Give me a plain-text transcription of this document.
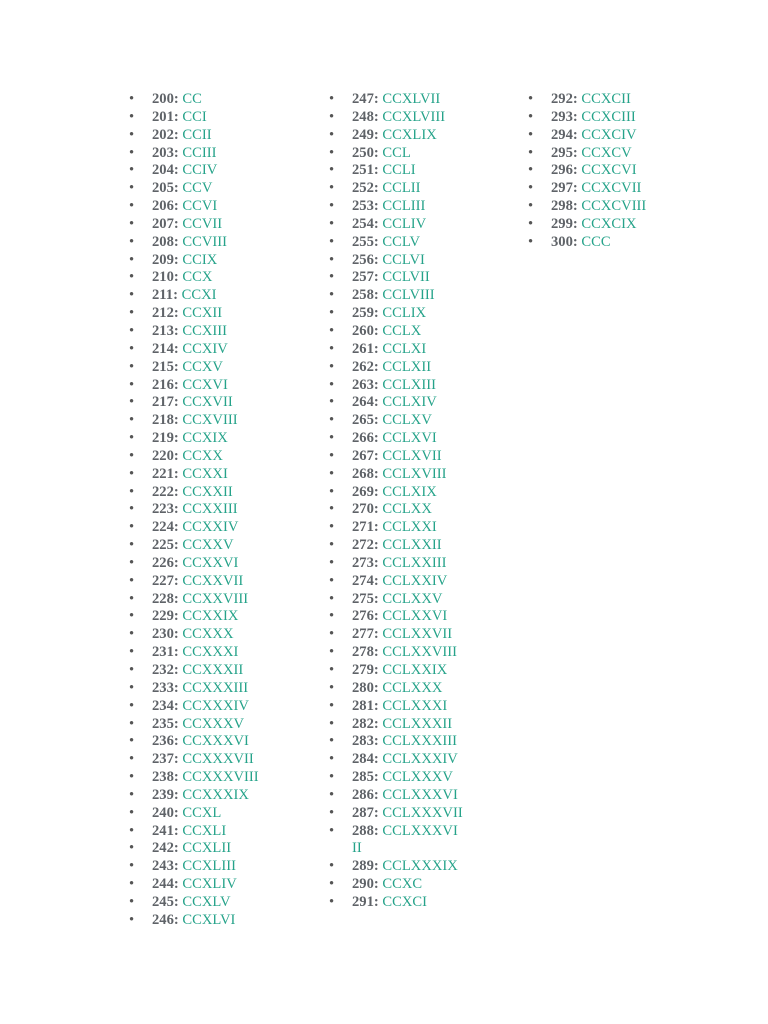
• 200: CC
• 201: CCI
• 202: CCII
• 203: CCIII
• 204: CCIV
• 205: CCV
• 206: CCVI
• 207: CCVII
• 208: CCVIII
• 209: CCIX
• 210: CCX
• 211: CCXI
• 212: CCXII
• 213: CCXIII
• 214: CCXIV
• 215: CCXV
• 216: CCXVI
• 217: CCXVII
• 218: CCXVIII
• 219: CCXIX
• 220: CCXX
• 221: CCXXI
• 222: CCXXII
• 223: CCXXIII
• 224: CCXXIV
• 225: CCXXV
• 226: CCXXVI
• 227: CCXXVII
• 228: CCXXVIII
• 229: CCXXIX
• 230: CCXXX
• 231: CCXXXI
• 232: CCXXXII
• 233: CCXXXIII
• 234: CCXXXIV
• 235: CCXXXV
• 236: CCXXXVI
• 237: CCXXXVII
• 238: CCXXXVIII
• 239: CCXXXIX
• 240: CCXL
• 241: CCXLI
• 242: CCXLII
• 243: CCXLIII
• 244: CCXLIV
• 245: CCXLV
• 246: CCXLVI
• 247: CCXLVII
• 248: CCXLVIII
• 249: CCXLIX
• 250: CCL
• 251: CCLI
• 252: CCLII
• 253: CCLIII
• 254: CCLIV
• 255: CCLV
• 256: CCLVI
• 257: CCLVII
• 258: CCLVIII
• 259: CCLIX
• 260: CCLX
• 261: CCLXI
• 262: CCLXII
• 263: CCLXIII
• 264: CCLXIV
• 265: CCLXV
• 266: CCLXVI
• 267: CCLXVII
• 268: CCLXVIII
• 269: CCLXIX
• 270: CCLXX
• 271: CCLXXI
• 272: CCLXXII
• 273: CCLXXIII
• 274: CCLXXIV
• 275: CCLXXV
• 276: CCLXXVI
• 277: CCLXXVII
• 278: CCLXXVIII
• 279: CCLXXIX
• 280: CCLXXX
• 281: CCLXXXI
• 282: CCLXXXII
• 283: CCLXXXIII
• 284: CCLXXXIV
• 285: CCLXXXV
• 286: CCLXXXVI
• 287: CCLXXXVII
• 288: CCLXXXVIII
• 289: CCLXXXIX
• 290: CCXC
• 291: CCXCI
• 292: CCXCII
• 293: CCXCIII
• 294: CCXCIV
• 295: CCXCV
• 296: CCXCVI
• 297: CCXCVII
• 298: CCXCVIII
• 299: CCXCIX
• 300: CCC
